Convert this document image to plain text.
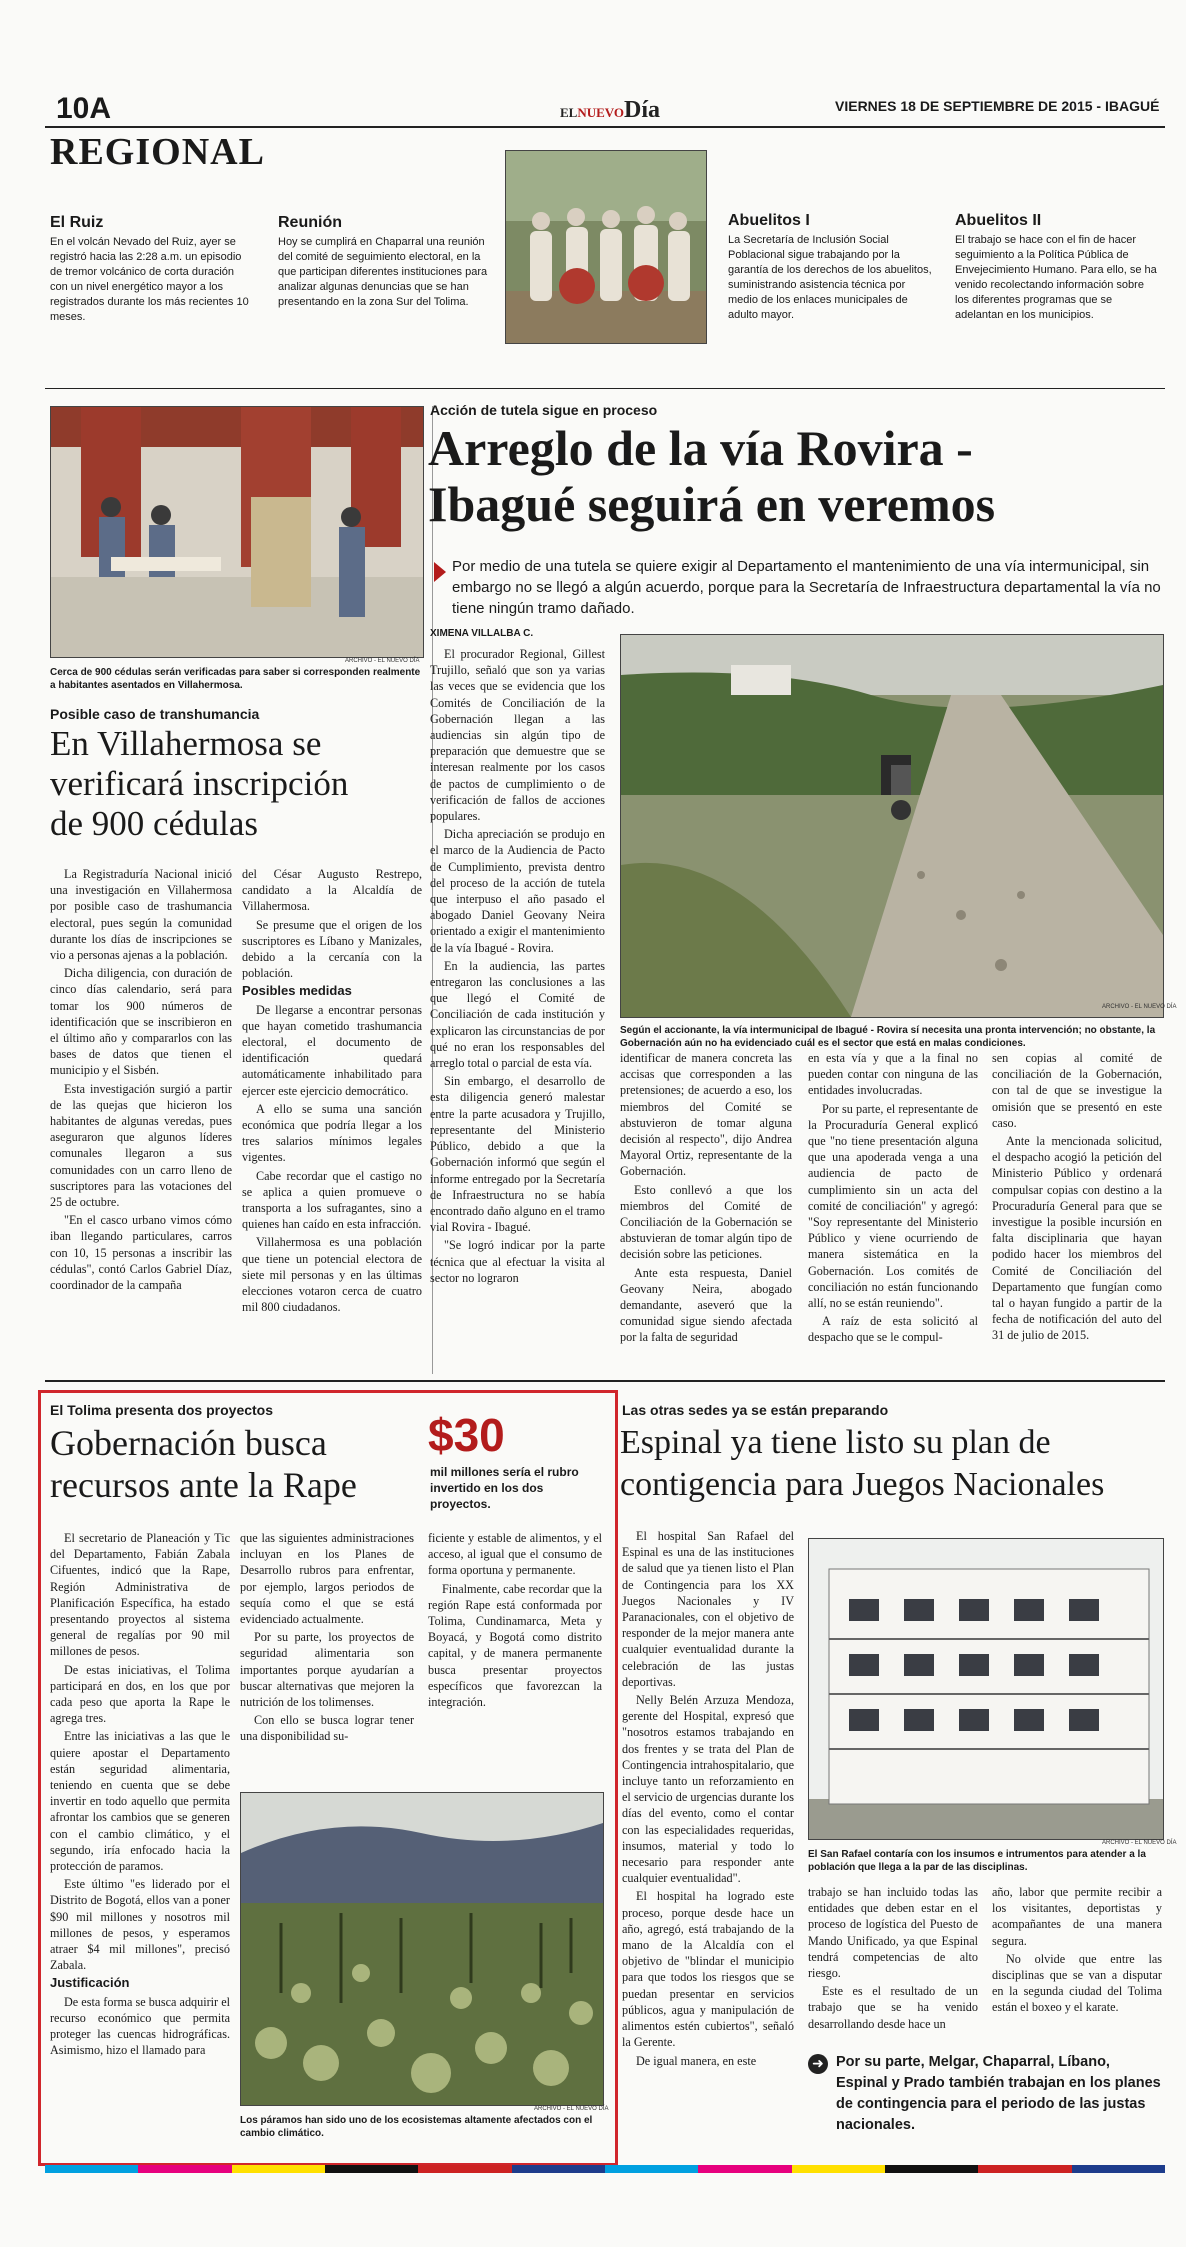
10A	ELNUEVODía	VIERNES 18 DE SEPTIEMBRE DE 2015 - IBAGUÉ
REGIONAL

El Ruiz

En el volcán Nevado del Ruiz, ayer se registró hacia las 2:28 a.m. un episodio de tremor volcánico de corta duración con un nivel energético mayor a los registrados durante los más recientes 10 meses.

Reunión

Hoy se cumplirá en Chaparral una reunión del comité de seguimiento electoral, en la que participan diferentes instituciones para analizar algunas denuncias que se han presentando en la zona Sur del Tolima.

Abuelitos I

La Secretaría de Inclusión Social Poblacional sigue trabajando por la garantía de los derechos de los abuelitos, suministrando asistencia técnica por medio de los enlaces municipales de adulto mayor.

Abuelitos II

El trabajo se hace con el fin de hacer seguimiento a la Política Pública de Envejecimiento Humano. Para ello, se ha venido recolectando información sobre los diferentes programas que se adelantan en los municipios.

ARCHIVO - EL NUEVO DÍA
Cerca de 900 cédulas serán verificadas para saber si corresponden realmente a habitantes asentados en Villahermosa.
Posible caso de transhumancia
En Villahermosa se
verificará inscripción
de 900 cédulas

La Registraduría Nacional inició una investigación en Villahermosa por posible caso de trashumancia electoral, pues según la comunidad durante los días de inscripciones se vio a personas ajenas a la población.

Dicha diligencia, con duración de cinco días calendario, será para tomar los 900 números de identificación que se inscribieron en el último año y compararlos con las bases de datos que tienen el municipio y el Sisbén.

Esta investigación surgió a partir de las quejas que hicieron los habitantes de algunas veredas, pues aseguraron que algunos líderes comunales llegaron a sus comunidades con un carro lleno de suscriptores para las votaciones del 25 de octubre.

"En el casco urbano vimos cómo iban llegando particulares, carros con 10, 15 personas a inscribir las cédulas", contó Carlos Gabriel Díaz, coordinador de la campaña

del César Augusto Restrepo, candidato a la Alcaldía de Villahermosa.

Se presume que el origen de los suscriptores es Líbano y Manizales, debido a la cercanía con la población.

Posibles medidas

De llegarse a encontrar personas que hayan cometido trashumancia electoral, el documento de identificación quedará automáticamente inhabilitado para ejercer este ejercicio democrático.

A ello se suma una sanción económica que podría llegar a los tres salarios mínimos legales vigentes.

Cabe recordar que el castigo no se aplica a quien promueve o transporta a los sufragantes, sino a quienes han caído en esta infracción.

Villahermosa es una población que tiene un potencial electora de siete mil personas y en las últimas elecciones votaron cerca de cuatro mil 800 ciudadanos.

Acción de tutela sigue en proceso
Arreglo de la vía Rovira -
Ibagué seguirá en veremos
Por medio de una tutela se quiere exigir al Departamento el mantenimiento de una vía intermunicipal, sin embargo no se llegó a algún acuerdo, porque para la Secretaría de Infraestructura departamental la vía no tiene ningún tramo dañado.
XIMENA VILLALBA C.

El procurador Regional, Gillest Trujillo, señaló que son ya varias las veces que se evidencia que los Comités de Conciliación de la Gobernación llegan a las audiencias sin algún tipo de preparación que demuestre que se interesan realmente por los casos de pactos de cumplimiento o de verificación de fallos de acciones populares.

Dicha apreciación se produjo en el marco de la Audiencia de Pacto de Cumplimiento, prevista dentro del proceso de la acción de tutela que interpuso el año pasado el abogado Daniel Geovany Neira orientado a exigir el mantenimiento de la vía Ibagué - Rovira.

En la audiencia, las partes entregaron las conclusiones a las que llegó el Comité de Conciliación de cada institución y explicaron las circunstancias de por qué no eran los responsables del arreglo total o parcial de esta vía.

Sin embargo, el desarrollo de esta diligencia generó malestar entre la parte acusadora y Trujillo, representante del Ministerio Público, debido a que la Gobernación informó que según el informe entregado por la Secretaría de Infraestructura no se había encontrado daño alguno en el tramo vial Rovira - Ibagué.

"Se logró indicar por la parte técnica que al efectuar la visita al sector no lograron

ARCHIVO - EL NUEVO DÍA
Según el accionante, la vía intermunicipal de Ibagué - Rovira sí necesita una pronta intervención; no obstante, la Gobernación aún no ha evidenciado cuál es el sector que está en malas condiciones.

identificar de manera concreta las accisas que corresponden a las pretensiones; de acuerdo a eso, los miembros del Comité se abstuvieron de tomar alguna decisión al respecto", dijo Andrea Mayoral Ortiz, representante de la Gobernación.

Esto conllevó a que los miembros del Comité de Conciliación de la Gobernación se abstuvieran de tomar algún tipo de decisión sobre las peticiones.

Ante esta respuesta, Daniel Geovany Neira, abogado demandante, aseveró que la comunidad sigue siendo afectada por la falta de seguridad

en esta vía y que a la final no pueden contar con ninguna de las entidades involucradas.

Por su parte, el representante de la Procuraduría General explicó que "no tiene presentación alguna que una apoderada venga a una audiencia de pacto de cumplimiento sin un acta del comité de conciliación" y agregó: "Soy representante del Ministerio Público y viene ocurriendo de manera sistemática en la Gobernación. Los comités de conciliación no están funcionando allí, no se están reuniendo".

A raíz de esta solicitó al despacho que se le compul-

sen copias al comité de conciliación de la Gobernación, con tal de que se investigue la omisión que se presentó en este caso.

Ante la mencionada solicitud, el despacho acogió la petición del Ministerio Público y ordenará compulsar copias con destino a la Procuraduría General para que se investigue la posible incursión en falta disciplinaria que hayan podido hacer los miembros del Comité de Conciliación del Departamento que fungían como tal o hayan fungido a partir de la fecha de notificación del auto del 31 de julio de 2015.

El Tolima presenta dos proyectos
Gobernación busca
recursos ante la Rape
$30
mil millones sería el rubro invertido en los dos proyectos.

El secretario de Planeación y Tic del Departamento, Fabián Zabala Cifuentes, indicó que la Rape, Región Administrativa de Planificación Específica, ha estado presentando proyectos al sistema general de regalías por 90 mil millones de pesos.

De estas iniciativas, el Tolima participará en dos, en los que por cada peso que aporta la Rape le agrega tres.

Entre las iniciativas a las que le quiere apostar el Departamento están seguridad alimentaria, teniendo en cuenta que se debe invertir en todo aquello que permita afrontar los cambios que se generen con el cambio climático, y el segundo, iría enfocado hacia la protección de paramos.

Este último "es liderado por el Distrito de Bogotá, ellos van a poner $90 mil millones y nosotros mil millones de pesos, y esperamos atraer $4 mil millones", precisó Zabala.

Justificación

De esta forma se busca adquirir el recurso económico que permita proteger las cuencas hidrográficas. Asimismo, hizo el llamado para

que las siguientes administraciones incluyan en los Planes de Desarrollo rubros para enfrentar, por ejemplo, largos periodos de sequía como el que se está evidenciado actualmente.

Por su parte, los proyectos de seguridad alimentaria son importantes porque ayudarían a buscar alternativas que mejoren la nutrición de los tolimenses.

Con ello se busca lograr tener una disponibilidad su-

ficiente y estable de alimentos, y el acceso, al igual que el consumo de forma oportuna y permanente.

Finalmente, cabe recordar que la región Rape está conformada por Tolima, Cundinamarca, Meta y Boyacá, y Bogotá como distrito capital, y de manera permanente busca presentar proyectos específicos que favorezcan la integración.

ARCHIVO - EL NUEVO DÍA
Los páramos han sido uno de los ecosistemas altamente afectados con el cambio climático.
Las otras sedes ya se están preparando
Espinal ya tiene listo su plan de
contigencia para Juegos Nacionales

El hospital San Rafael del Espinal es una de las instituciones de salud que ya tienen listo el Plan de Contingencia para los XX Juegos Nacionales y IV Paranacionales, con el objetivo de responder de la mejor manera ante cualquier eventualidad durante la celebración de las justas deportivas.

Nelly Belén Arzuza Mendoza, gerente del Hospital, expresó que "nosotros estamos trabajando en dos frentes y se trata del Plan de Contingencia intrahospitalario, que incluye tanto un reforzamiento en el servicio de urgencias durante los días del evento, como el contar con las especialidades requeridas, insumos, material y todo lo necesario para responder ante cualquier eventualidad".

El hospital ha logrado este proceso, porque desde hace un año, agregó, está trabajando de la mano de la Alcaldía con el objetivo de "blindar el municipio para que todos los riesgos que se puedan presentar en servicios públicos, agua y manipulación de alimentos estén cubiertos", señaló la Gerente.

De igual manera, en este

ARCHIVO - EL NUEVO DÍA
El San Rafael contaría con los insumos e intrumentos para atender a la población que llega a la par de las disciplinas.

trabajo se han incluido todas las entidades que deben estar en el proceso de logística del Puesto de Mando Unificado, ya que Espinal tendrá competencias de alto riesgo.

Este es el resultado de un trabajo que se ha venido desarrollando desde hace un

año, labor que permite recibir a los visitantes, deportistas y acompañantes de una manera segura.

No olvide que entre las disciplinas que se van a disputar en la segunda ciudad del Tolima están el boxeo y el karate.

➜ Por su parte, Melgar, Chaparral, Líbano, Espinal y Prado también trabajan en los planes de contingencia para el periodo de las justas nacionales.
